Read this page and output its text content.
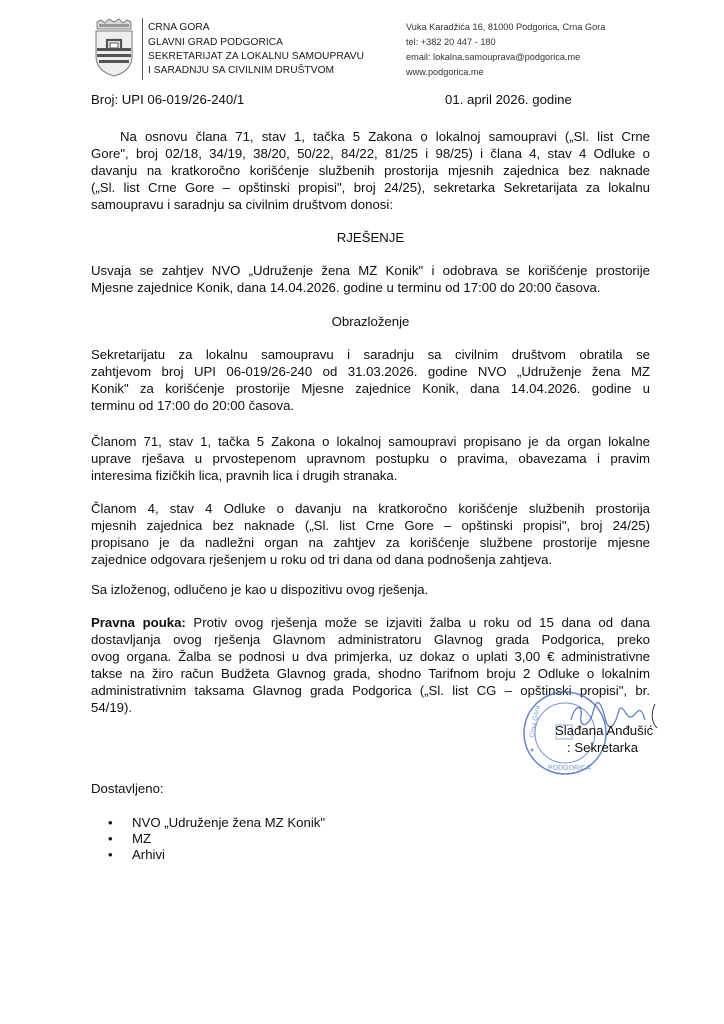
CRNA GORA
GLAVNI GRAD PODGORICA
SEKRETARIJAT ZA LOKALNU SAMOUPRAVU
I SARADNJU SA CIVILNIM DRUŠTVOM
Vuka Karadžića 16, 81000 Podgorica, Crna Gora
tel: +382 20 447 - 180
email: lokalna.samouprava@podgorica.me
www.podgorica.me
Broj: UPI 06-019/26-240/1	01. april 2026. godine
Na osnovu člana 71, stav 1, tačka 5 Zakona o lokalnoj samoupravi („Sl. list Crne
Gore", broj 02/18, 34/19, 38/20, 50/22, 84/22, 81/25 i 98/25) i člana 4, stav 4 Odluke o
davanju na kratkoročno korišćenje službenih prostorija mjesnih zajednica bez naknade
(„Sl. list Crne Gore – opštinski propisi", broj 24/25), sekretarka Sekretarijata za lokalnu
samoupravu i saradnju sa civilnim društvom donosi:
RJEŠENJE
Usvaja se zahtjev NVO „Udruženje žena MZ Konik" i odobrava se korišćenje prostorije
Mjesne zajednice Konik, dana 14.04.2026. godine u terminu od 17:00 do 20:00 časova.
Obrazloženje
Sekretarijatu za lokalnu samoupravu i saradnju sa civilnim društvom obratila se
zahtjevom broj UPI 06-019/26-240 od 31.03.2026. godine NVO „Udruženje žena MZ
Konik" za korišćenje prostorije Mjesne zajednice Konik, dana 14.04.2026. godine u
terminu od 17:00 do 20:00 časova.
Članom 71, stav 1, tačka 5 Zakona o lokalnoj samoupravi propisano je da organ lokalne
uprave rješava u prvostepenom upravnom postupku o pravima, obavezama i pravim
interesima fizičkih lica, pravnih lica i drugih stranaka.
Članom 4, stav 4 Odluke o davanju na kratkoročno korišćenje službenih prostorija
mjesnih zajednica bez naknade („Sl. list Crne Gore – opštinski propisi", broj 24/25)
propisano je da nadležni organ na zahtjev za korišćenje službene prostorije mjesne
zajednice odgovara rješenjem u roku od tri dana od dana podnošenja zahtjeva.
Sa izloženog, odlučeno je kao u dispozitivu ovog rješenja.
Pravna pouka: Protiv ovog rješenja može se izjaviti žalba u roku od 15 dana od dana
dostavljanja ovog rješenja Glavnom administratoru Glavnog grada Podgorica, preko
ovog organa. Žalba se podnosi u dva primjerka, uz dokaz o uplati 3,00 € administrativne
takse na žiro račun Budžeta Glavnog grada, shodno Tarifnom broju 2 Odluke o lokalnim
administrativnim taksama Glavnog grada Podgorica („Sl. list CG – opštinski propisi", br.
54/19).	Crna Gora
PODGORICA
Slađana Anđušić
: Sekretarka
Dostavljeno:
• NVO „Udruženje žena MZ Konik"
• MZ
• Arhivi
